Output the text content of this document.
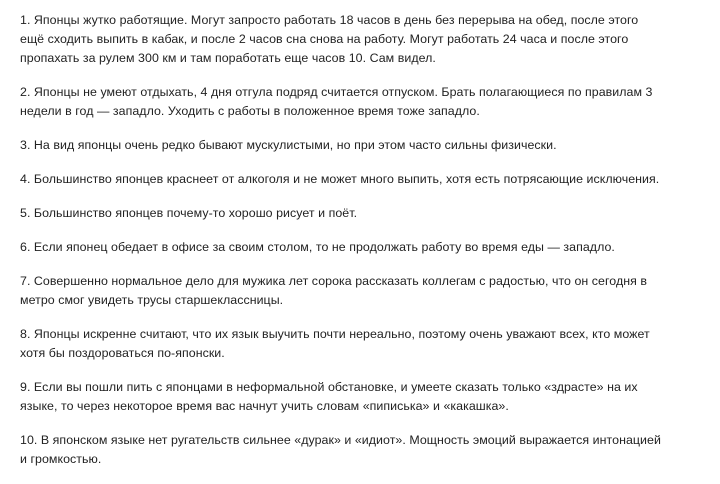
1. Японцы жутко работящие. Могут запросто работать 18 часов в день без перерыва на обед, после этого
ещё сходить выпить в кабак, и после 2 часов сна снова на работу. Могут работать 24 часа и после этого
пропахать за рулем 300 км и там поработать еще часов 10. Сам видел.

2. Японцы не умеют отдыхать, 4 дня отгула подряд считается отпуском. Брать полагающиеся по правилам 3
недели в год — западло. Уходить с работы в положенное время тоже западло.

3. На вид японцы очень редко бывают мускулистыми, но при этом часто сильны физически.

4. Большинство японцев краснеет от алкоголя и не может много выпить, хотя есть потрясающие исключения.

5. Большинство японцев почему-то хорошо рисует и поёт.

6. Если японец обедает в офисе за своим столом, то не продолжать работу во время еды — западло.

7. Совершенно нормальное дело для мужика лет сорока рассказать коллегам с радостью, что он сегодня в
метро смог увидеть трусы старшеклассницы.

8. Японцы искренне считают, что их язык выучить почти нереально, поэтому очень уважают всех, кто может
хотя бы поздороваться по-японски.

9. Если вы пошли пить с японцами в неформальной обстановке, и умеете сказать только «здрасте» на их
языке, то через некоторое время вас начнут учить словам «пиписька» и «какашка».

10. В японском языке нет ругательств сильнее «дурак» и «идиот». Мощность эмоций выражается интонацией
и громкостью.
